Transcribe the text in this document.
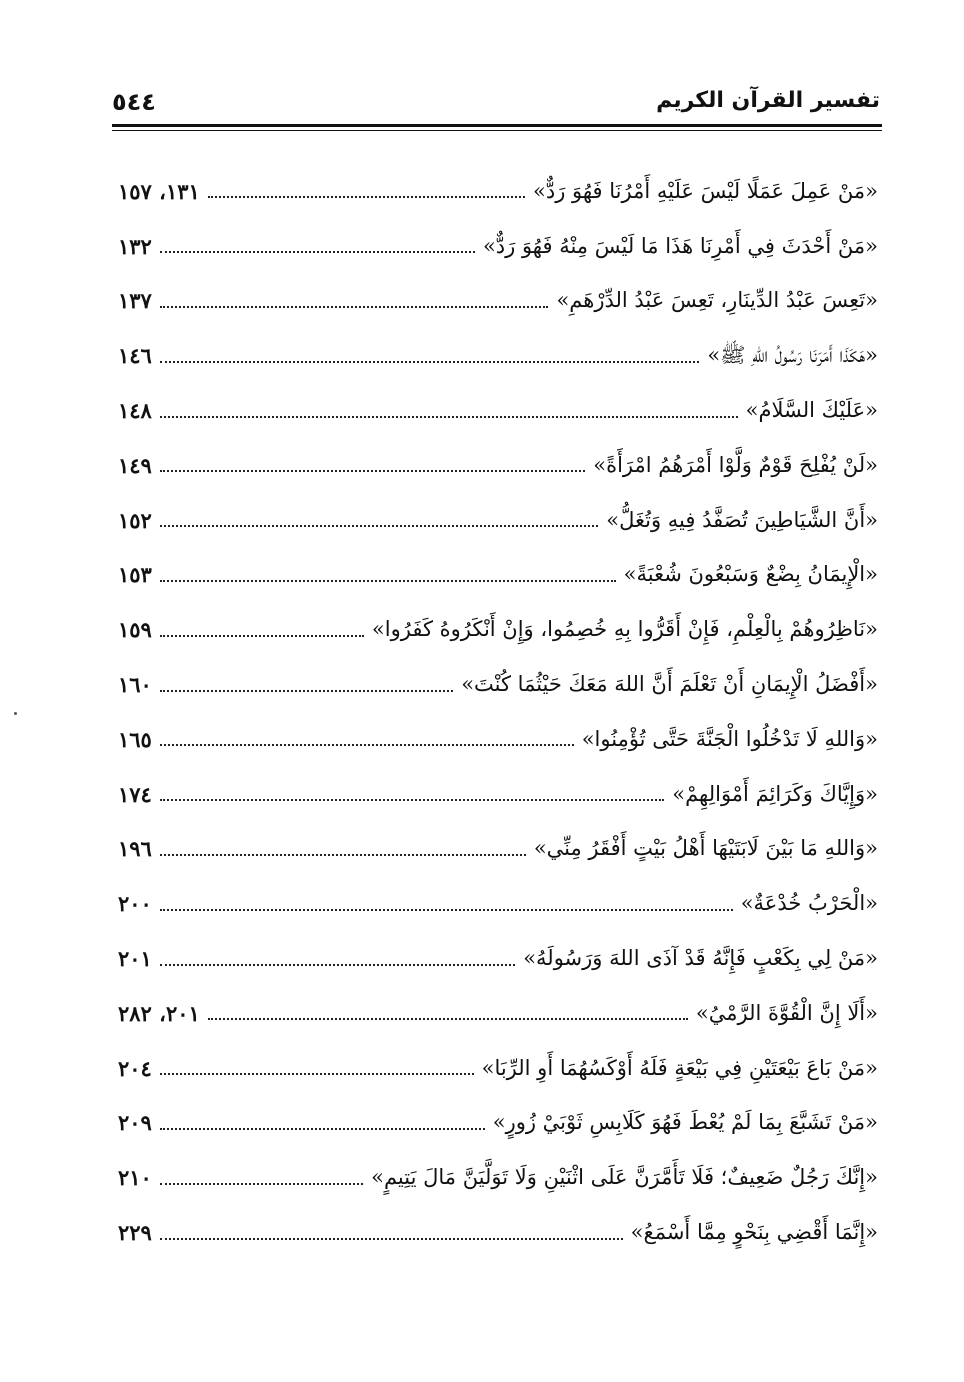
تفسير القرآن الكريم
٥٤٤
«مَنْ عَمِلَ عَمَلًا لَيْسَ عَلَيْهِ أَمْرُنَا فَهُوَ رَدٌّ»
١٣١، ١٥٧
«مَنْ أَحْدَثَ فِي أَمْرِنَا هَذَا مَا لَيْسَ مِنْهُ فَهُوَ رَدٌّ»
١٣٢
«تَعِسَ عَبْدُ الدِّينَارِ، تَعِسَ عَبْدُ الدِّرْهَمِ»
١٣٧
«هَكَذَا أَمَرَنَا رَسُولُ اللهِ ﷺ»
١٤٦
«عَلَيْكَ السَّلَامُ»
١٤٨
«لَنْ يُفْلِحَ قَوْمٌ وَلَّوْا أَمْرَهُمُ امْرَأَةً»
١٤٩
«أَنَّ الشَّيَاطِينَ تُصَفَّدُ فِيهِ وَتُغَلُّ»
١٥٢
«الْإِيمَانُ بِضْعٌ وَسَبْعُونَ شُعْبَةً»
١٥٣
«نَاظِرُوهُمْ بِالْعِلْمِ، فَإِنْ أَقَرُّوا بِهِ خُصِمُوا، وَإِنْ أَنْكَرُوهُ كَفَرُوا»
١٥٩
«أَفْضَلُ الْإِيمَانِ أَنْ تَعْلَمَ أَنَّ اللهَ مَعَكَ حَيْثُمَا كُنْتَ»
١٦٠
«وَاللهِ لَا تَدْخُلُوا الْجَنَّةَ حَتَّى تُؤْمِنُوا»
١٦٥
«وَإِيَّاكَ وَكَرَائِمَ أَمْوَالِهِمْ»
١٧٤
«وَاللهِ مَا بَيْنَ لَابَتَيْهَا أَهْلُ بَيْتٍ أَفْقَرُ مِنِّي»
١٩٦
«الْحَرْبُ خُدْعَةٌ»
٢٠٠
«مَنْ لِي بِكَعْبٍ فَإِنَّهُ قَدْ آذَى اللهَ وَرَسُولَهُ»
٢٠١
«أَلَا إِنَّ الْقُوَّةَ الرَّمْيُ»
٢٠١، ٢٨٢
«مَنْ بَاعَ بَيْعَتَيْنِ فِي بَيْعَةٍ فَلَهُ أَوْكَسُهُمَا أَوِ الرِّبَا»
٢٠٤
«مَنْ تَشَبَّعَ بِمَا لَمْ يُعْطَ فَهُوَ كَلَابِسِ ثَوْبَيْ زُورٍ»
٢٠٩
«إِنَّكَ رَجُلٌ ضَعِيفٌ؛ فَلَا تَأَمَّرَنَّ عَلَى اثْنَيْنِ وَلَا تَوَلَّيَنَّ مَالَ يَتِيمٍ»
٢١٠
«إِنَّمَا أَقْضِي بِنَحْوٍ مِمَّا أَسْمَعُ»
٢٢٩
